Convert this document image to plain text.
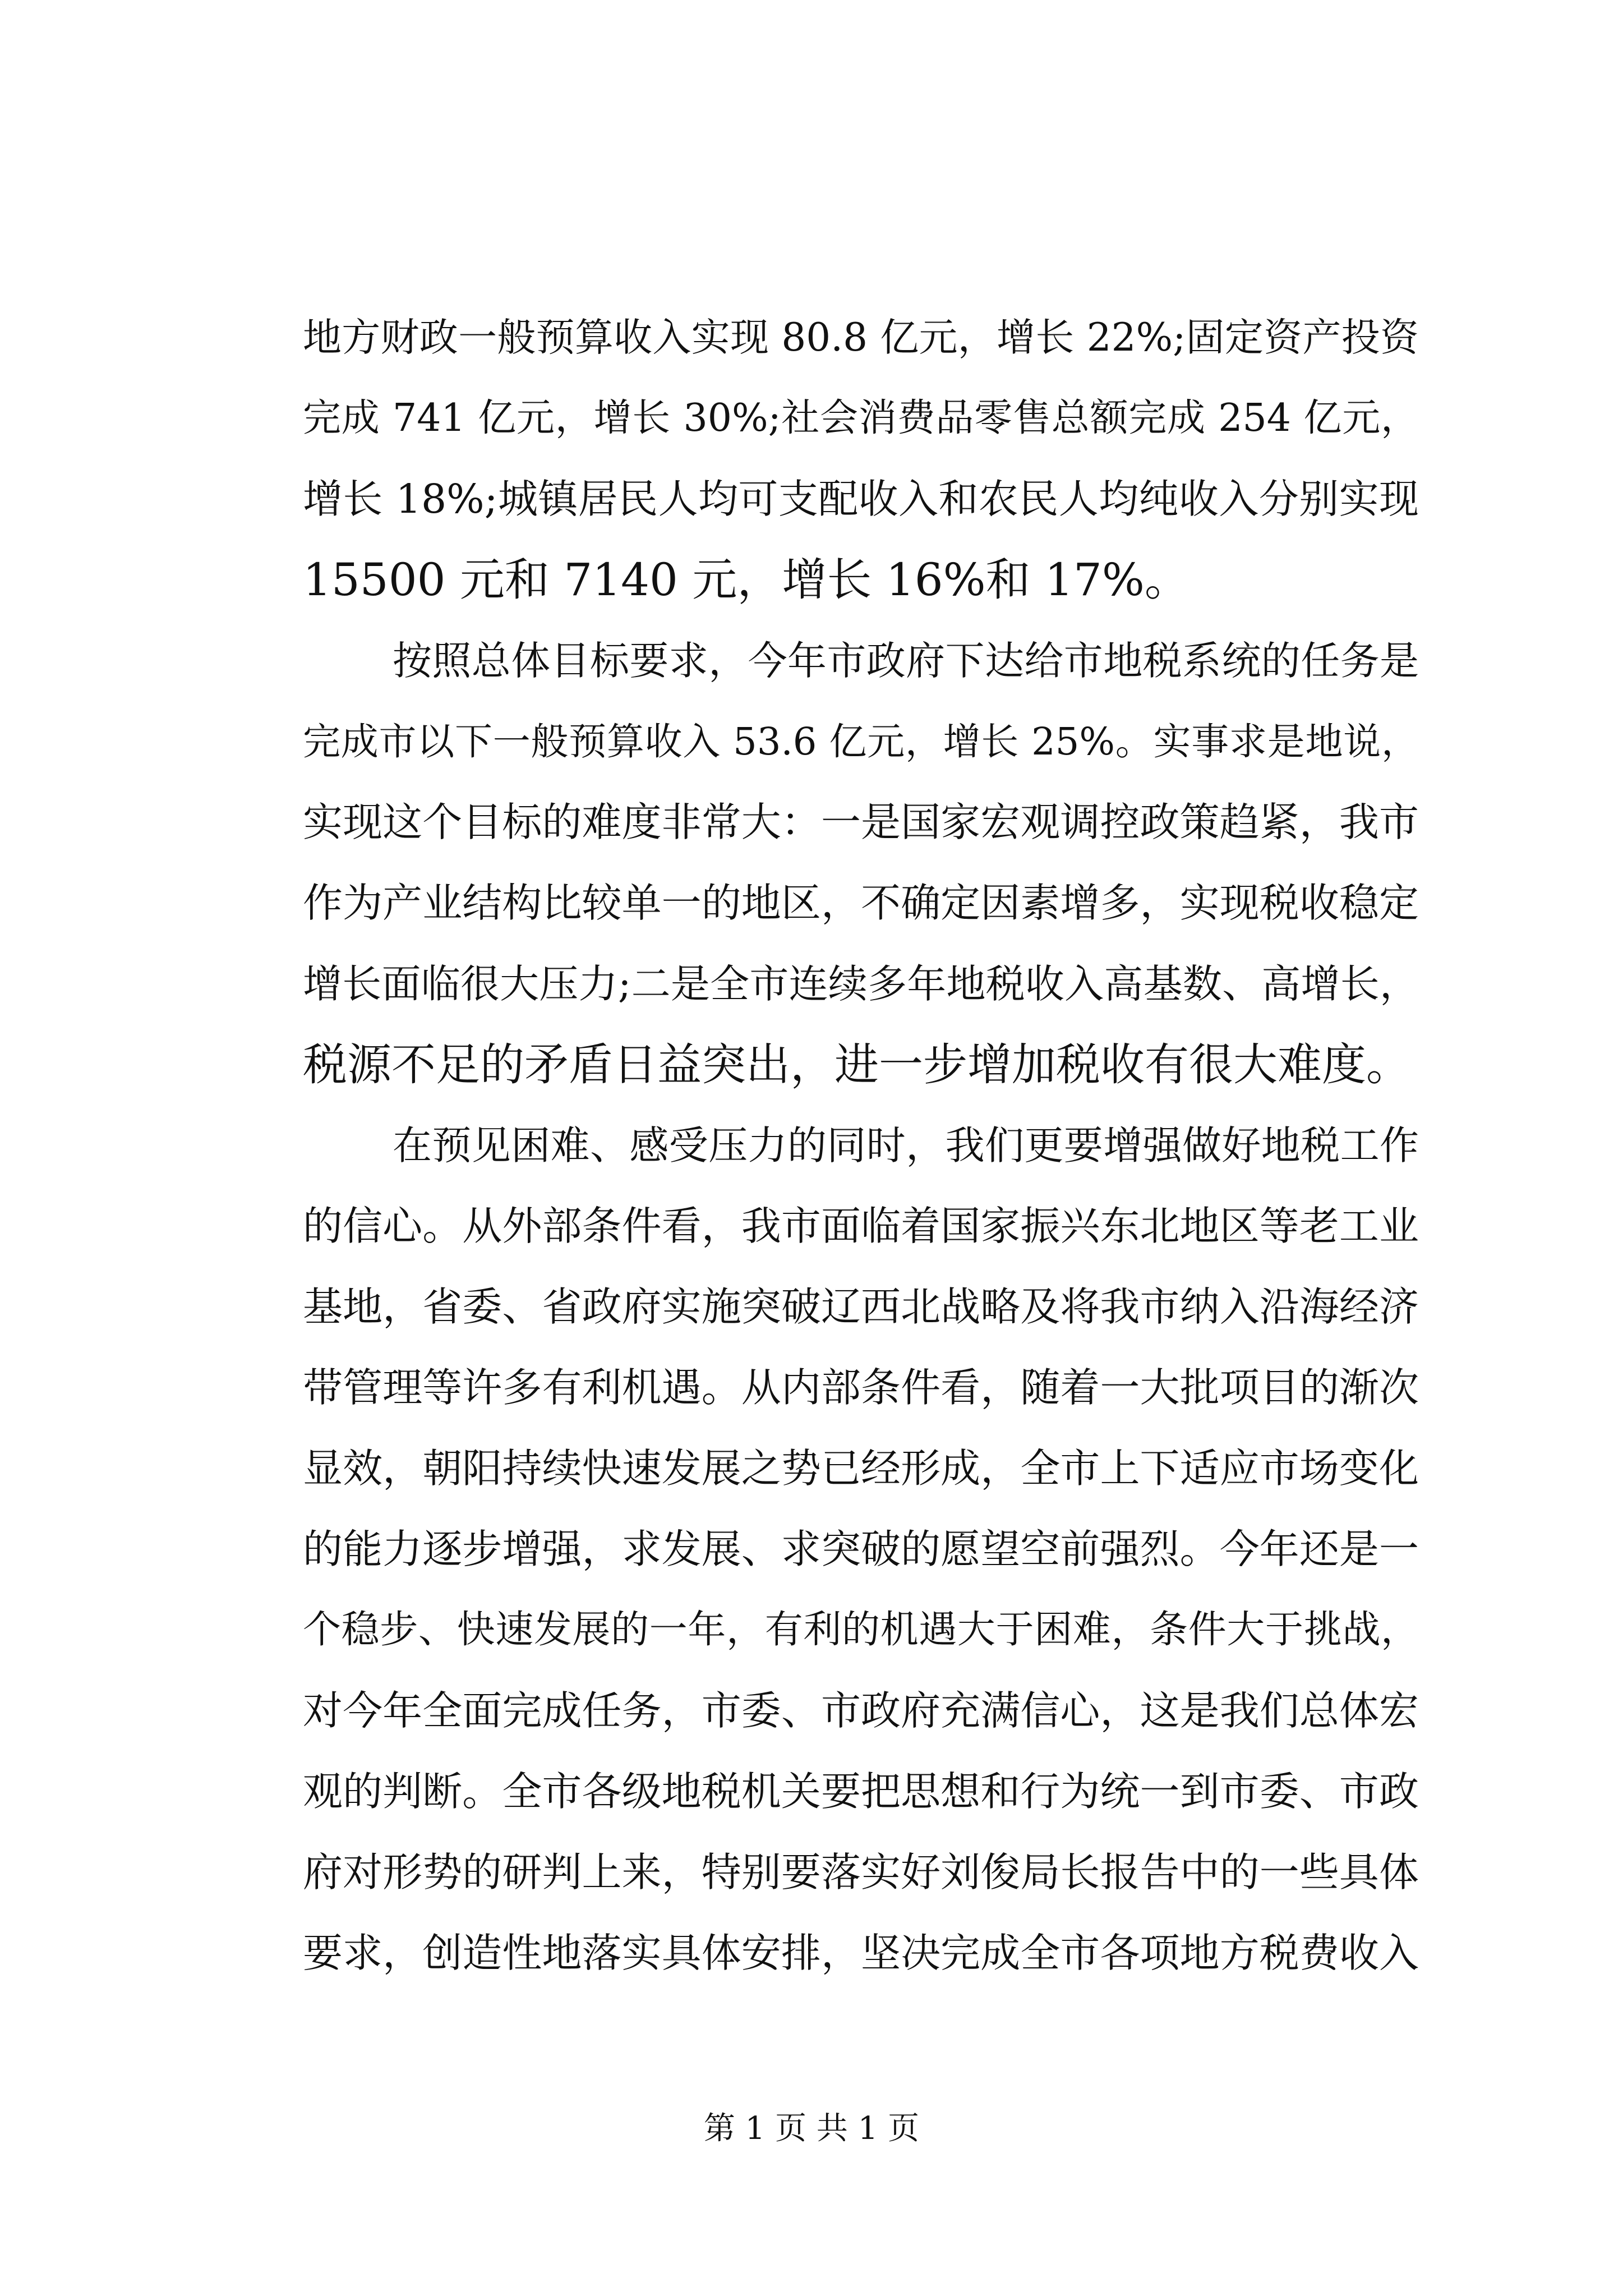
地方财政一般预算收入实现 80.8 亿元，增长 22%;固定资产投资
完成 741 亿元，增长 30%;社会消费品零售总额完成 254 亿元，
增长 18%;城镇居民人均可支配收入和农民人均纯收入分别实现
15500 元和 7140 元，增长 16%和 17%。
按照总体目标要求，今年市政府下达给市地税系统的任务是
完成市以下一般预算收入 53.6 亿元，增长 25%。实事求是地说，
实现这个目标的难度非常大：一是国家宏观调控政策趋紧，我市
作为产业结构比较单一的地区，不确定因素增多，实现税收稳定
增长面临很大压力;二是全市连续多年地税收入高基数、高增长，
税源不足的矛盾日益突出，进一步增加税收有很大难度。
在预见困难、感受压力的同时，我们更要增强做好地税工作
的信心。从外部条件看，我市面临着国家振兴东北地区等老工业
基地，省委、省政府实施突破辽西北战略及将我市纳入沿海经济
带管理等许多有利机遇。从内部条件看，随着一大批项目的渐次
显效，朝阳持续快速发展之势已经形成，全市上下适应市场变化
的能力逐步增强，求发展、求突破的愿望空前强烈。今年还是一
个稳步、快速发展的一年，有利的机遇大于困难，条件大于挑战，
对今年全面完成任务，市委、市政府充满信心，这是我们总体宏
观的判断。全市各级地税机关要把思想和行为统一到市委、市政
府对形势的研判上来，特别要落实好刘俊局长报告中的一些具体
要求，创造性地落实具体安排，坚决完成全市各项地方税费收入
第 1 页 共 1 页
